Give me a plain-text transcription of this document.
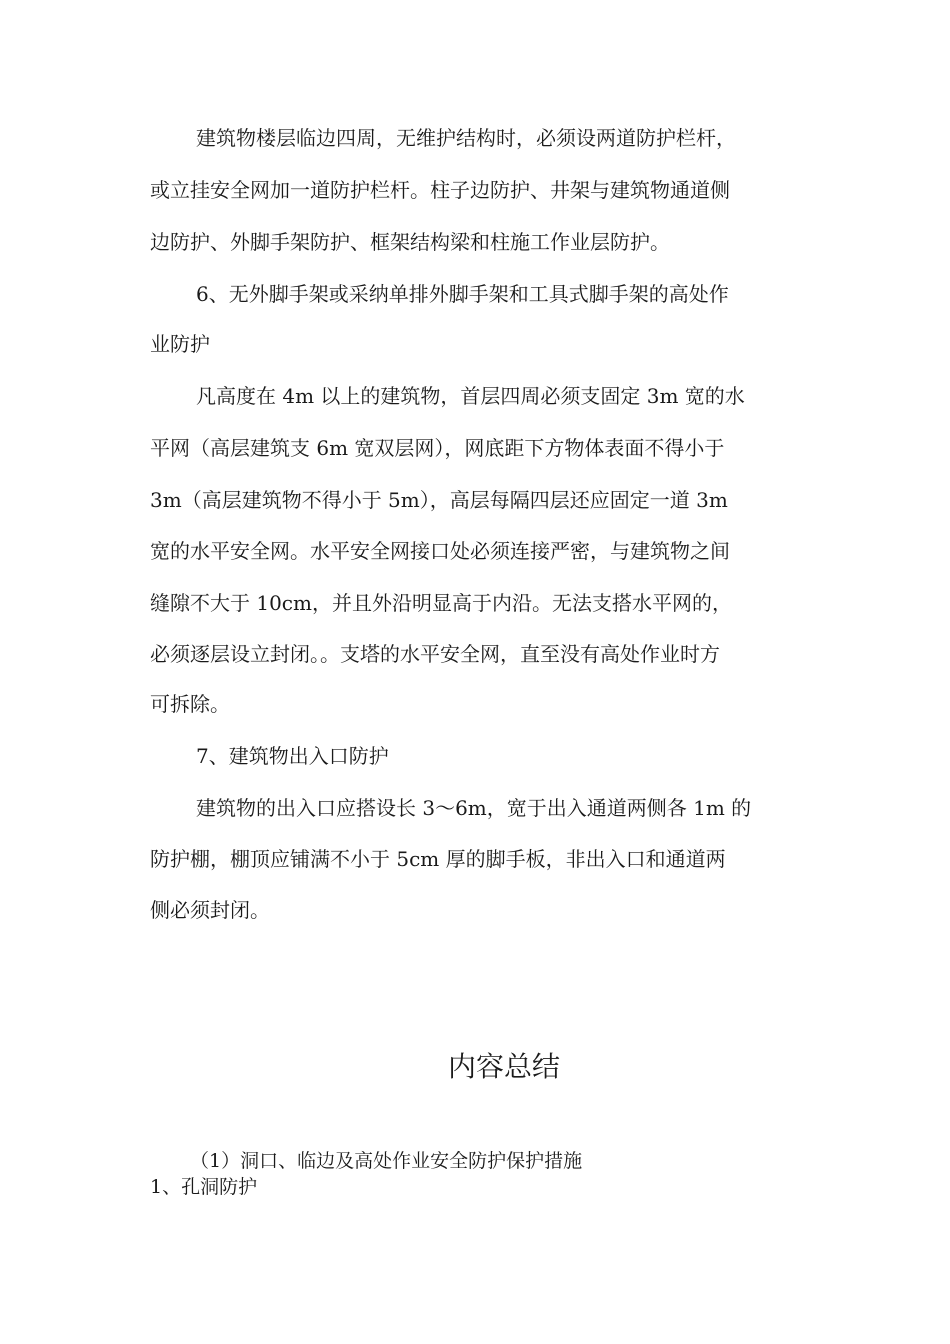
建筑物楼层临边四周，无维护结构时，必须设两道防护栏杆，
或立挂安全网加一道防护栏杆。柱子边防护、井架与建筑物通道侧
边防护、外脚手架防护、框架结构梁和柱施工作业层防护。
6、无外脚手架或采纳单排外脚手架和工具式脚手架的高处作
业防护
凡高度在 4m 以上的建筑物，首层四周必须支固定 3m 宽的水
平网（高层建筑支 6m 宽双层网），网底距下方物体表面不得小于
3m（高层建筑物不得小于 5m），高层每隔四层还应固定一道 3m
宽的水平安全网。水平安全网接口处必须连接严密，与建筑物之间
缝隙不大于 10cm，并且外沿明显高于内沿。无法支搭水平网的，
必须逐层设立封闭。。支塔的水平安全网，直至没有高处作业时方
可拆除。
7、建筑物出入口防护
建筑物的出入口应搭设长 3～6m，宽于出入通道两侧各 1m 的
防护棚，棚顶应铺满不小于 5cm 厚的脚手板，非出入口和通道两
侧必须封闭。
内容总结
（1）洞口、临边及高处作业安全防护保护措施
1、孔洞防护
